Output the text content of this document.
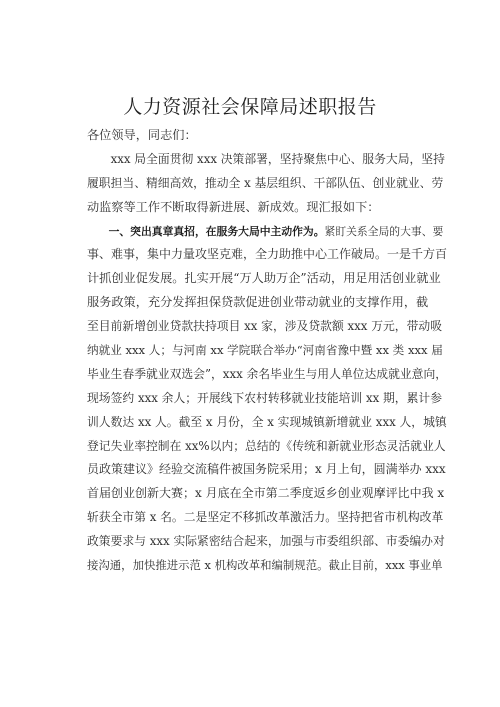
人力资源社会保障局述职报告
各位领导，同志们：
xxx 局全面贯彻 xxx 决策部署，坚持聚焦中心、服务大局，坚持
履职担当、精细高效，推动全 x 基层组织、干部队伍、创业就业、劳
动监察等工作不断取得新进展、新成效。现汇报如下：
一、突出真章真招，在服务大局中主动作为。紧盯关系全局的大事、要
事、难事，集中力量攻坚克难，全力助推中心工作破局。一是千方百
计抓创业促发展。扎实开展“万人助万企”活动，用足用活创业就业
服务政策，充分发挥担保贷款促进创业带动就业的支撑作用，截
至目前新增创业贷款扶持项目 xx 家，涉及贷款额 xxx 万元，带动吸
纳就业 xxx 人；与河南 xx 学院联合举办“河南省豫中暨 xx 类 xxx 届
毕业生春季就业双选会”，xxx 余名毕业生与用人单位达成就业意向，
现场签约 xxx 余人；开展线下农村转移就业技能培训 xx 期，累计参
训人数达 xx 人。截至 x 月份，全 x 实现城镇新增就业 xxx 人，城镇
登记失业率控制在 xx%以内；总结的《传统和新就业形态灵活就业人
员政策建议》经验交流稿件被国务院采用；x 月上旬，圆满举办 xxx
首届创业创新大赛；x 月底在全市第二季度返乡创业观摩评比中我 x
斩获全市第 x 名。二是坚定不移抓改革激活力。坚持把省市机构改革
政策要求与 xxx 实际紧密结合起来，加强与市委组织部、市委编办对
接沟通，加快推进示范 x 机构改革和编制规范。截止目前，xxx 事业单
